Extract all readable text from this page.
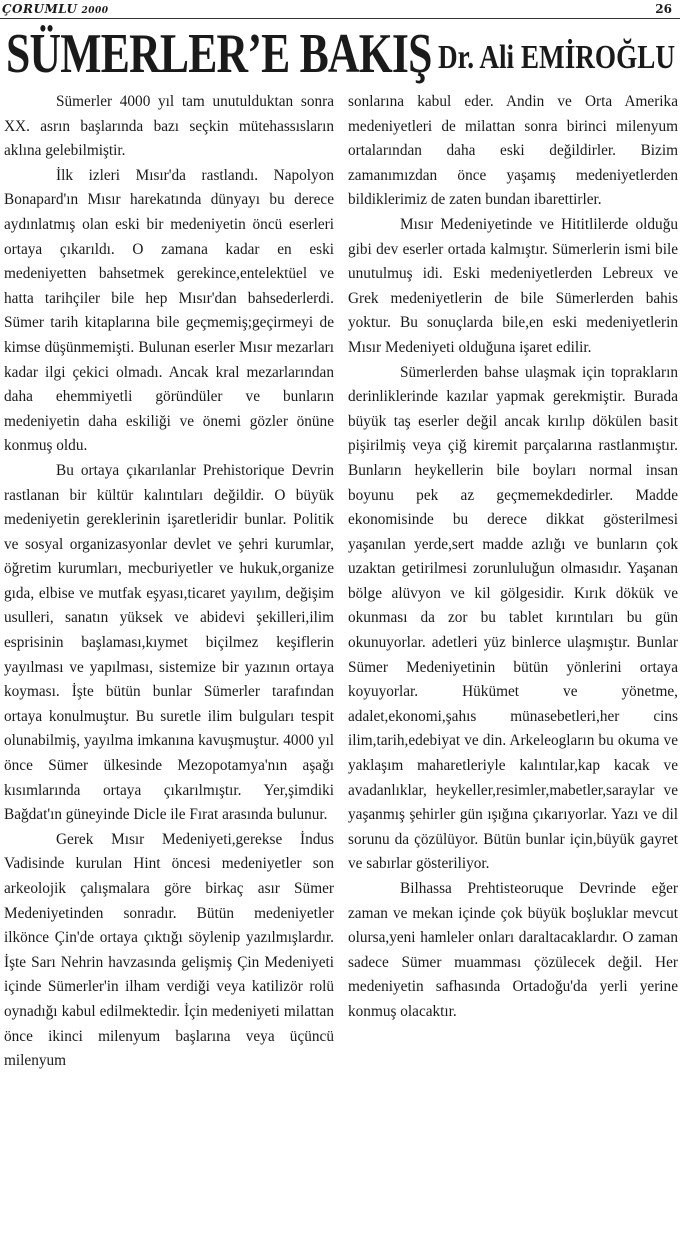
ÇORUMLU 2000	26
SÜMERLER’E BAKIŞ Dr. Ali EMİROĞLU

Sümerler 4000 yıl tam unutulduktan sonra XX. asrın başlarında bazı seçkin mütehassısların aklına gelebilmiştir.

İlk izleri Mısır'da rastlandı. Napolyon Bonapard'ın Mısır harekatında dünyayı bu derece aydınlatmış olan eski bir medeniyetin öncü eserleri ortaya çıkarıldı. O zamana kadar en eski medeniyetten bahsetmek gerekince,entelektüel ve hatta tarihçiler bile hep Mısır'dan bahsederlerdi. Sümer tarih kitaplarına bile geçmemiş;geçirmeyi de kimse düşünmemişti. Bulunan eserler Mısır mezarları kadar ilgi çekici olmadı. Ancak kral mezarlarından daha ehemmiyetli göründüler ve bunların medeniyetin daha eskiliği ve önemi gözler önüne konmuş oldu.

Bu ortaya çıkarılanlar Prehistorique Devrin rastlanan bir kültür kalıntıları değildir. O büyük medeniyetin gereklerinin işaretleridir bunlar. Politik ve sosyal organizasyonlar devlet ve şehri kurumlar, öğretim kurumları, mecburiyetler ve hukuk,organize gıda, elbise ve mutfak eşyası,ticaret yayılım, değişim usulleri, sanatın yüksek ve abidevi şekilleri,ilim esprisinin başlaması,kıymet biçilmez keşiflerin yayılması ve yapılması, sistemize bir yazının ortaya koyması. İşte bütün bunlar Sümerler tarafından ortaya konulmuştur. Bu suretle ilim bulguları tespit olunabilmiş, yayılma imkanına kavuşmuştur. 4000 yıl önce Sümer ülkesinde Mezopotamya'nın aşağı kısımlarında ortaya çıkarılmıştır. Yer,şimdiki Bağdat'ın güneyinde Dicle ile Fırat arasında bulunur.

Gerek Mısır Medeniyeti,gerekse İndus Vadisinde kurulan Hint öncesi medeniyetler son arkeolojik çalışmalara göre birkaç asır Sümer Medeniyetinden sonradır. Bütün medeniyetler ilkönce Çin'de ortaya çıktığı söylenip yazılmışlardır. İşte Sarı Nehrin havzasında gelişmiş Çin Medeniyeti içinde Sümerler'in ilham verdiği veya katilizör rolü oynadığı kabul edilmektedir. İçin medeniyeti milattan önce ikinci milenyum başlarına veya üçüncü milenyum

sonlarına kabul eder. Andin ve Orta Amerika medeniyetleri de milattan sonra birinci milenyum ortalarından daha eski değildirler. Bizim zamanımızdan önce yaşamış medeniyetlerden bildiklerimiz de zaten bundan ibarettirler.

Mısır Medeniyetinde ve Hititlilerde olduğu gibi dev eserler ortada kalmıştır. Sümerlerin ismi bile unutulmuş idi. Eski medeniyetlerden Lebreux ve Grek medeniyetlerin de bile Sümerlerden bahis yoktur. Bu sonuçlarda bile,en eski medeniyetlerin Mısır Medeniyeti olduğuna işaret edilir.

Sümerlerden bahse ulaşmak için toprakların derinliklerinde kazılar yapmak gerekmiştir. Burada büyük taş eserler değil ancak kırılıp dökülen basit pişirilmiş veya çiğ kiremit parçalarına rastlanmıştır. Bunların heykellerin bile boyları normal insan boyunu pek az geçmemekdedirler. Madde ekonomisinde bu derece dikkat gösterilmesi yaşanılan yerde,sert madde azlığı ve bunların çok uzaktan getirilmesi zorunluluğun olmasıdır. Yaşanan bölge alüvyon ve kil gölgesidir. Kırık dökük ve okunması da zor bu tablet kırıntıları bu gün okunuyorlar. adetleri yüz binlerce ulaşmıştır. Bunlar Sümer Medeniyetinin bütün yönlerini ortaya koyuyorlar. Hükümet ve yönetme, adalet,ekonomi,şahıs münasebetleri,her cins ilim,tarih,edebiyat ve din. Arkeleogların bu okuma ve yaklaşım maharetleriyle kalıntılar,kap kacak ve avadanlıklar, heykeller,resimler,mabetler,saraylar ve yaşanmış şehirler gün ışığına çıkarıyorlar. Yazı ve dil sorunu da çözülüyor. Bütün bunlar için,büyük gayret ve sabırlar gösteriliyor.

Bilhassa Prehtisteoruque Devrinde eğer zaman ve mekan içinde çok büyük boşluklar mevcut olursa,yeni hamleler onları daraltacaklardır. O zaman sadece Sümer muamması çözülecek değil. Her medeniyetin safhasında Ortadoğu'da yerli yerine konmuş olacaktır.
